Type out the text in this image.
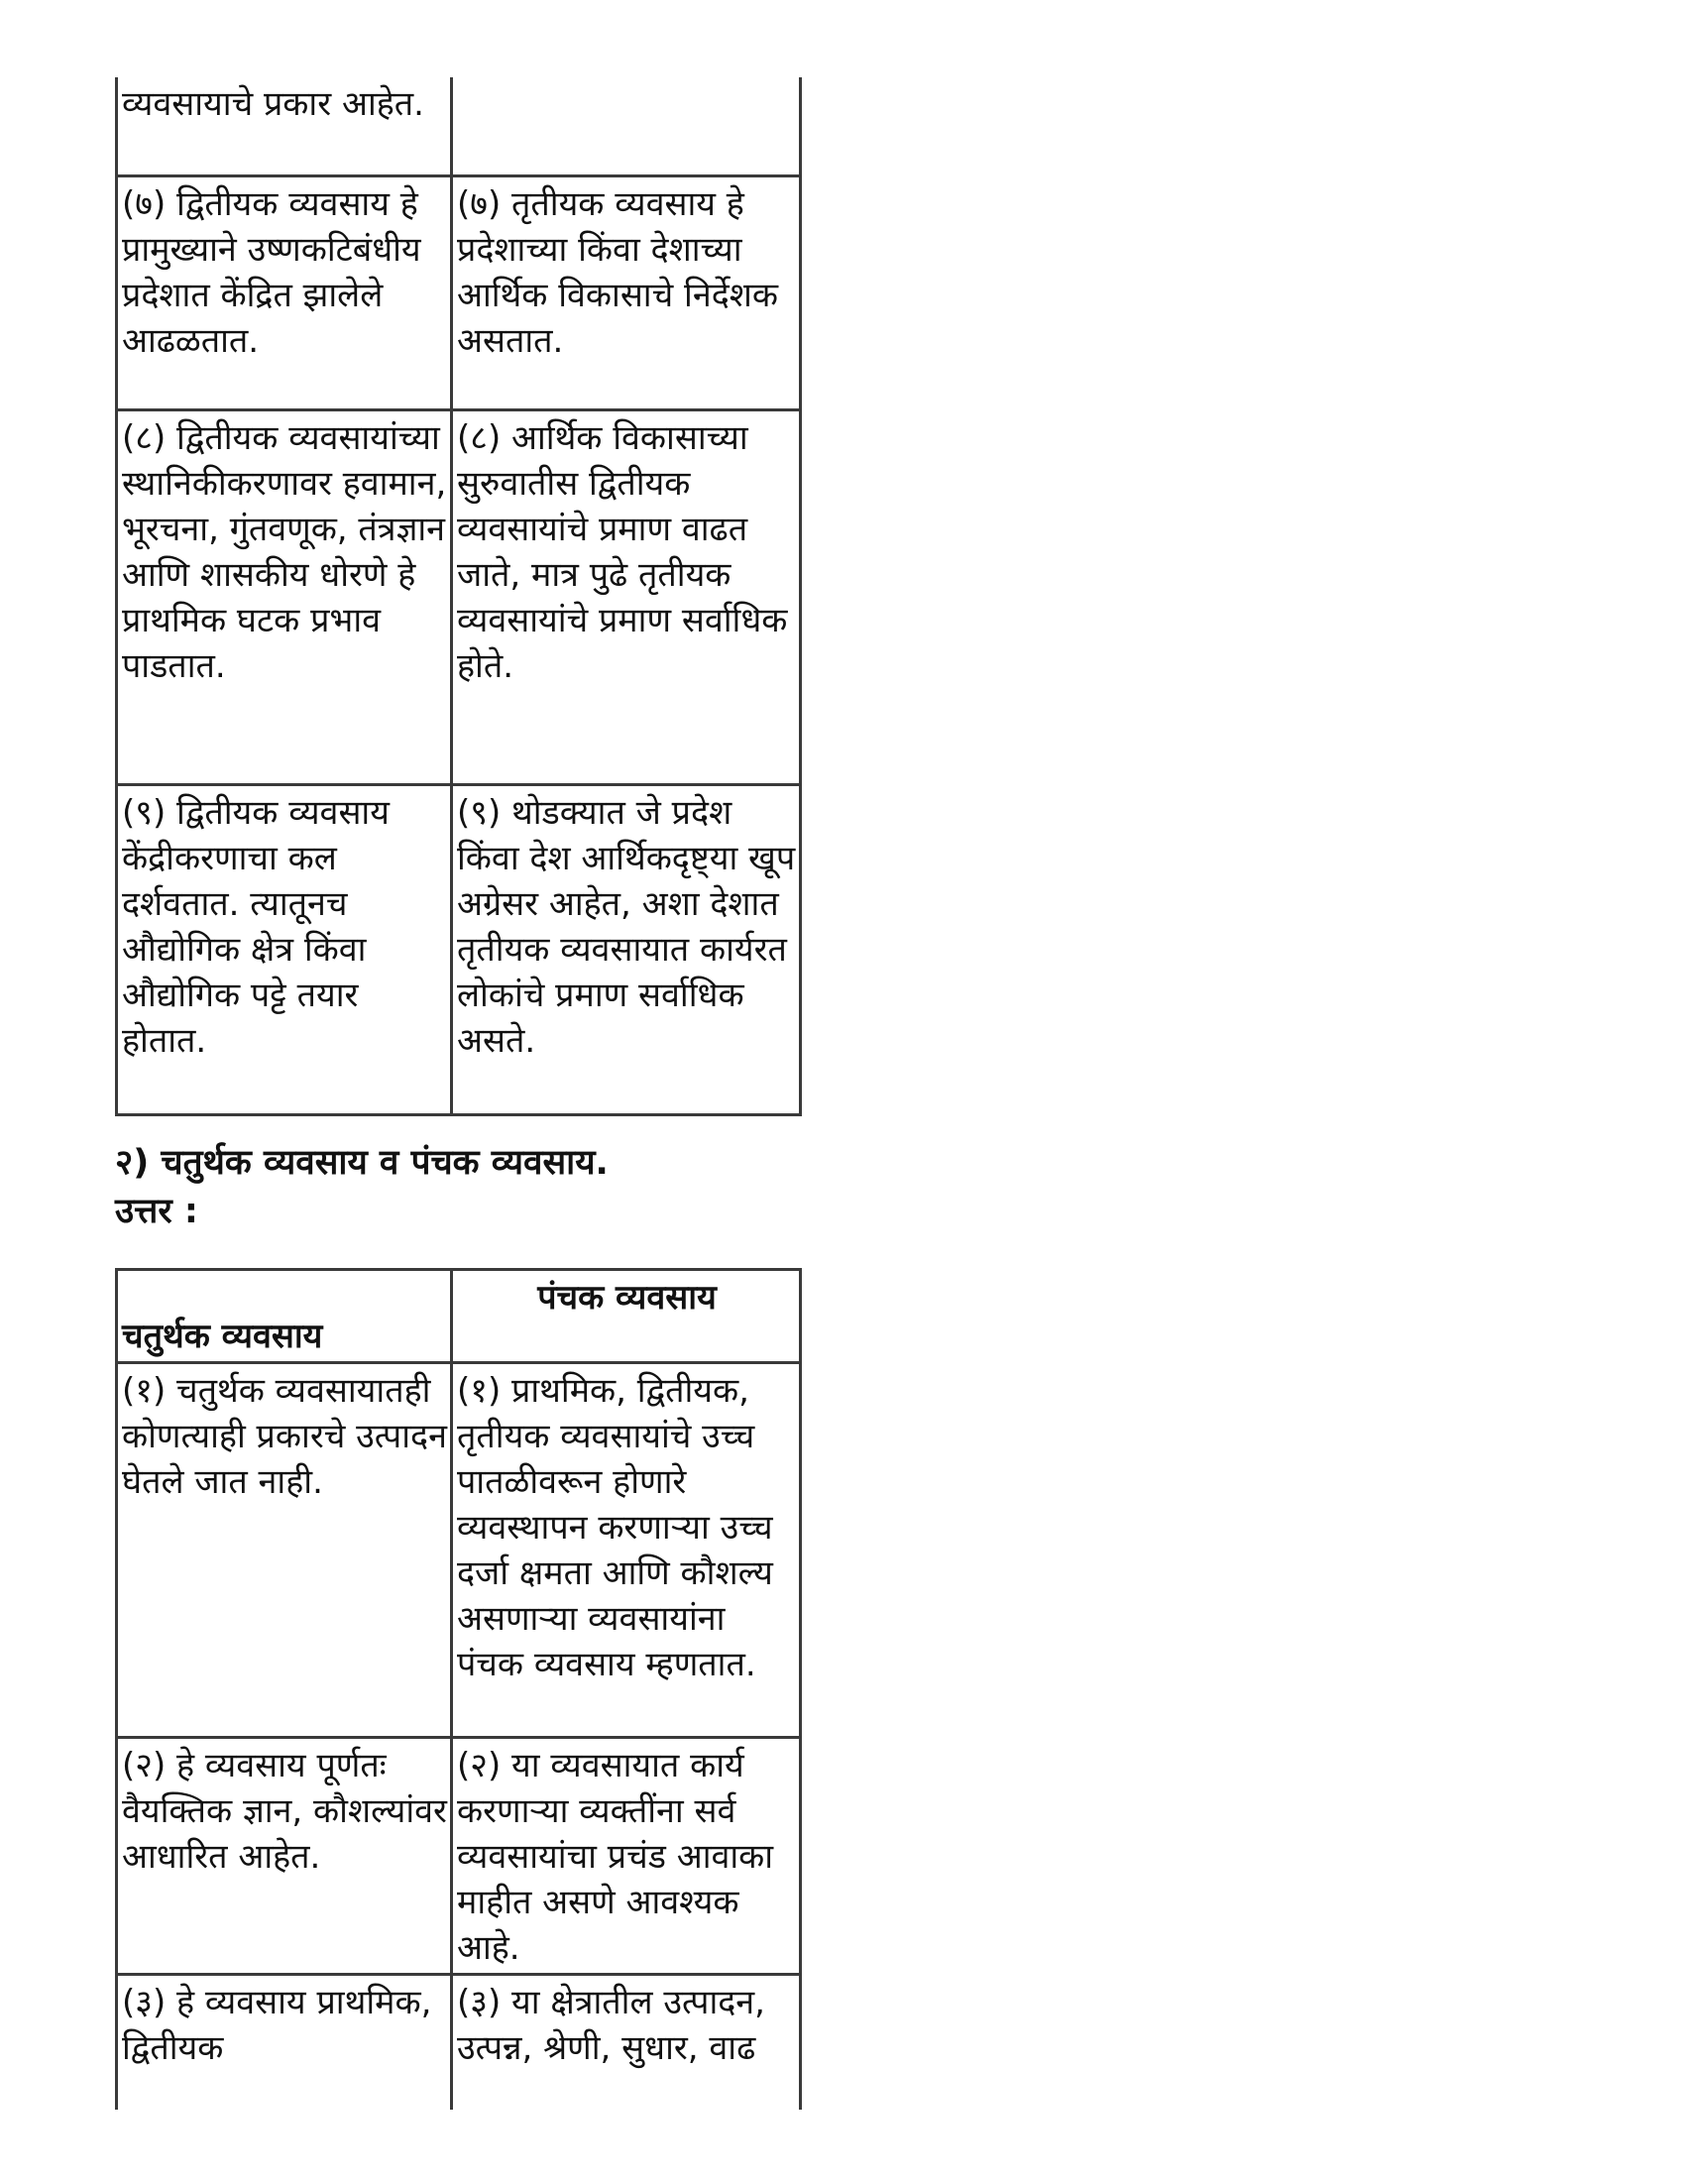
व्यवसायाचे प्रकार आहेत.	
(७) द्वितीयक व्यवसाय हे प्रामुख्याने उष्णकटिबंधीय प्रदेशात केंद्रित झालेले आढळतात.	(७) तृतीयक व्यवसाय हे प्रदेशाच्या किंवा देशाच्या आर्थिक विकासाचे निर्देशक असतात.
(८) द्वितीयक व्यवसायांच्या स्थानिकीकरणावर हवामान, भूरचना, गुंतवणूक, तंत्रज्ञान आणि शासकीय धोरणे हे प्राथमिक घटक प्रभाव पाडतात.	(८) आर्थिक विकासाच्या सुरुवातीस द्वितीयक व्यवसायांचे प्रमाण वाढत जाते, मात्र पुढे तृतीयक व्यवसायांचे प्रमाण सर्वाधिक होते.
(९) द्वितीयक व्यवसाय केंद्रीकरणाचा कल दर्शवतात. त्यातूनच औद्योगिक क्षेत्र किंवा औद्योगिक पट्टे तयार होतात.	(९) थोडक्यात जे प्रदेश किंवा देश आर्थिकदृष्ट्या खूप अग्रेसर आहेत, अशा देशात तृतीयक व्यवसायात कार्यरत लोकांचे प्रमाण सर्वाधिक असते.

२) चतुर्थक व्यवसाय व पंचक व्यवसाय.

उत्तर :

चतुर्थक व्यवसाय	पंचक व्यवसाय
(१) चतुर्थक व्यवसायातही कोणत्याही प्रकारचे उत्पादन घेतले जात नाही.	(१) प्राथमिक, द्वितीयक, तृतीयक व्यवसायांचे उच्च पातळीवरून होणारे व्यवस्थापन करणाऱ्या उच्च दर्जा क्षमता आणि कौशल्य असणाऱ्या व्यवसायांना पंचक व्यवसाय म्हणतात.
(२) हे व्यवसाय पूर्णतः वैयक्तिक ज्ञान, कौशल्यांवर आधारित आहेत.	(२) या व्यवसायात कार्य करणाऱ्या व्यक्तींना सर्व व्यवसायांचा प्रचंड आवाका माहीत असणे आवश्यक आहे.
(३) हे व्यवसाय प्राथमिक, द्वितीयक	(३) या क्षेत्रातील उत्पादन, उत्पन्न, श्रेणी, सुधार, वाढ
